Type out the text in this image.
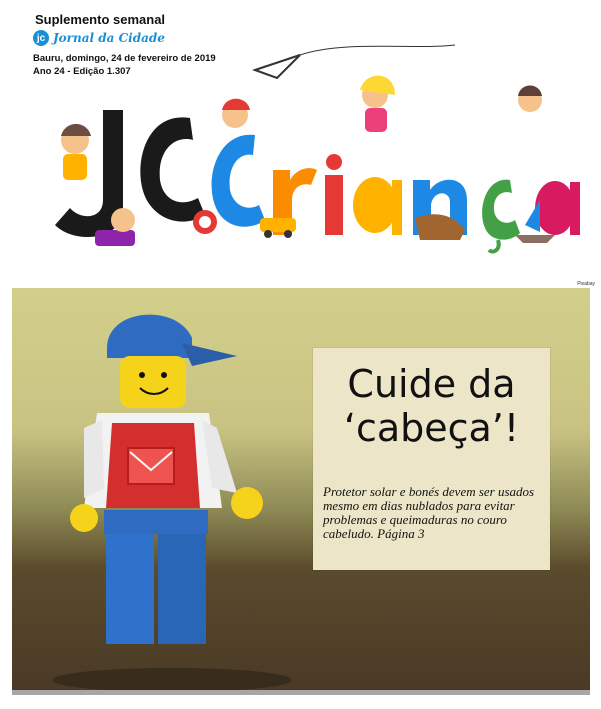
Suplemento semanal
jc Jornal da Cidade
Bauru, domingo, 24 de fevereiro de 2019
Ano 24 - Edição 1.307
Pixabay
Cuide da
‘cabeça’!
Protetor solar e bonés devem ser usados mesmo em dias nublados para evitar problemas e queimaduras no couro cabeludo. Página 3
